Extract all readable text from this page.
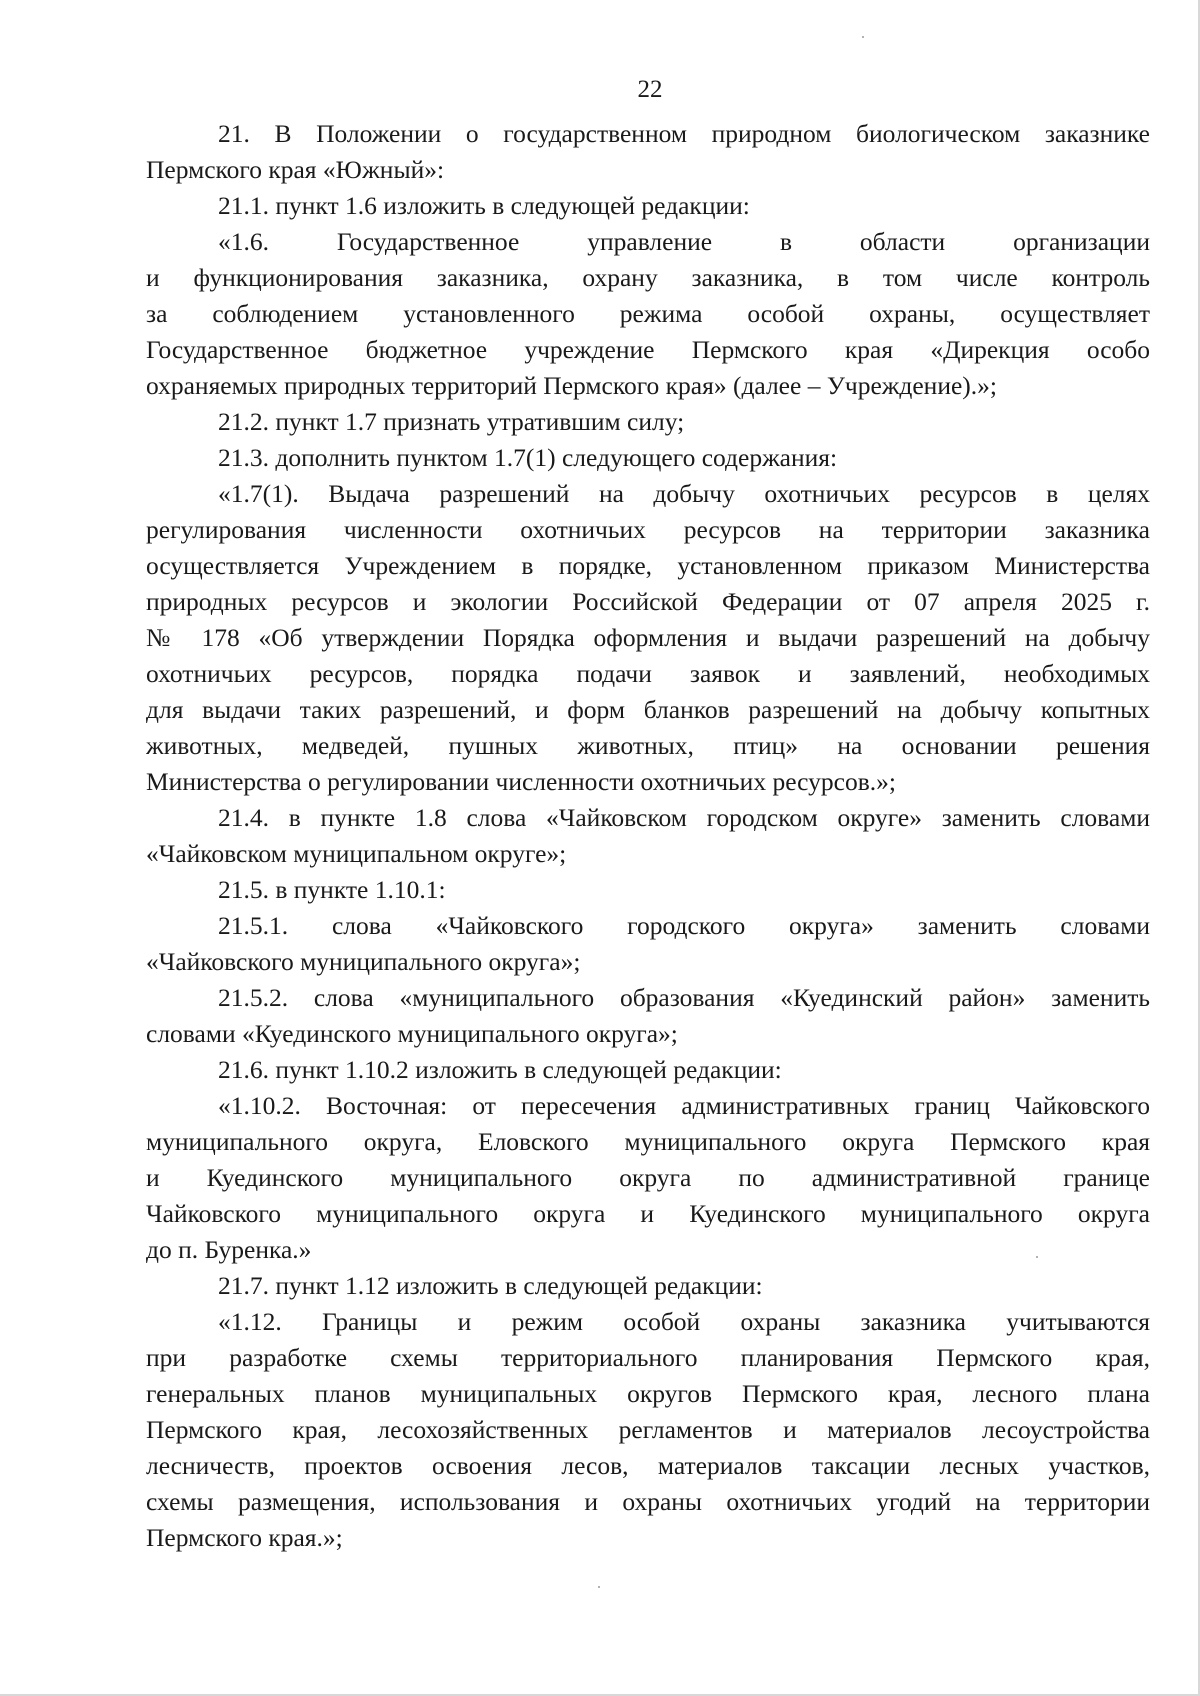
22
21. В Положении о государственном природном биологическом заказнике
Пермского края «Южный»:
21.1. пункт 1.6 изложить в следующей редакции:
«1.6. Государственное управление в области организации
и функционирования заказника, охрану заказника, в том числе контроль
за соблюдением установленного режима особой охраны, осуществляет
Государственное бюджетное учреждение Пермского края «Дирекция особо
охраняемых природных территорий Пермского края» (далее – Учреждение).»;
21.2. пункт 1.7 признать утратившим силу;
21.3. дополнить пунктом 1.7(1) следующего содержания:
«1.7(1). Выдача разрешений на добычу охотничьих ресурсов в целях
регулирования численности охотничьих ресурсов на территории заказника
осуществляется Учреждением в порядке, установленном приказом Министерства
природных ресурсов и экологии Российской Федерации от 07 апреля 2025 г.
№ 178 «Об утверждении Порядка оформления и выдачи разрешений на добычу
охотничьих ресурсов, порядка подачи заявок и заявлений, необходимых
для выдачи таких разрешений, и форм бланков разрешений на добычу копытных
животных, медведей, пушных животных, птиц» на основании решения
Министерства о регулировании численности охотничьих ресурсов.»;
21.4. в пункте 1.8 слова «Чайковском городском округе» заменить словами
«Чайковском муниципальном округе»;
21.5. в пункте 1.10.1:
21.5.1. слова «Чайковского городского округа» заменить словами
«Чайковского муниципального округа»;
21.5.2. слова «муниципального образования «Куединский район» заменить
словами «Куединского муниципального округа»;
21.6. пункт 1.10.2 изложить в следующей редакции:
«1.10.2. Восточная: от пересечения административных границ Чайковского
муниципального округа, Еловского муниципального округа Пермского края
и Куединского муниципального округа по административной границе
Чайковского муниципального округа и Куединского муниципального округа
до п. Буренка.»
21.7. пункт 1.12 изложить в следующей редакции:
«1.12. Границы и режим особой охраны заказника учитываются
при разработке схемы территориального планирования Пермского края,
генеральных планов муниципальных округов Пермского края, лесного плана
Пермского края, лесохозяйственных регламентов и материалов лесоустройства
лесничеств, проектов освоения лесов, материалов таксации лесных участков,
схемы размещения, использования и охраны охотничьих угодий на территории
Пермского края.»;
